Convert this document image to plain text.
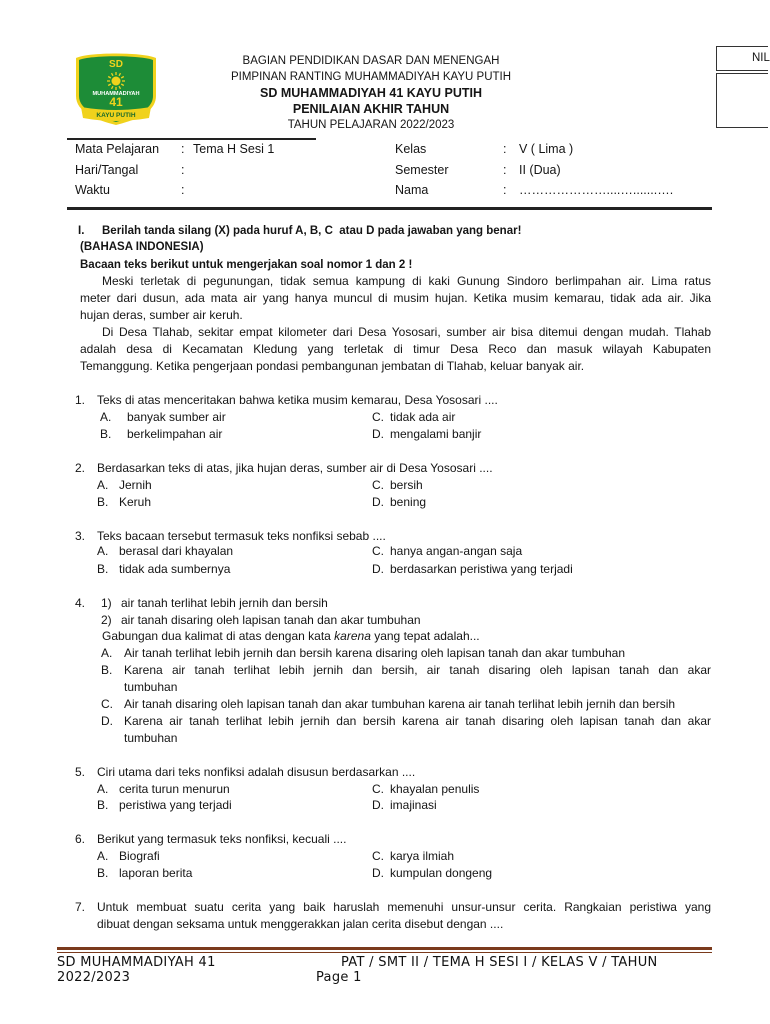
SD
MUHAMMADIYAH
41
KAYU PUTIH
BAGIAN PENDIDIKAN DASAR DAN MENENGAH
PIMPINAN RANTING MUHAMMADIYAH KAYU PUTIH
SD MUHAMMADIYAH 41 KAYU PUTIH
PENILAIAN AKHIR TAHUN
TAHUN PELAJARAN 2022/2023
NIL
Mata Pelajaran : Tema H Sesi 1	Kelas	: V ( Lima )
Hari/Tangal	:	Semester	: II (Dua)
Waktu	:	Nama	: …………………....….......….
I. Berilah tanda silang (X) pada huruf A, B, C  atau D pada jawaban yang benar!
(BAHASA INDONESIA)
Bacaan teks berikut untuk mengerjakan soal nomor 1 dan 2 !
Meski terletak di pegunungan, tidak semua kampung di kaki Gunung Sindoro berlimpahan air. Lima ratus
meter dari dusun, ada mata air yang hanya muncul di musim hujan. Ketika musim kemarau, tidak ada air. Jika
hujan deras, sumber air keruh.
Di Desa Tlahab, sekitar empat kilometer dari Desa Yososari, sumber air bisa ditemui dengan mudah. Tlahab
adalah desa di Kecamatan Kledung yang terletak di timur Desa Reco dan masuk wilayah Kabupaten
Temanggung. Ketika pengerjaan pondasi pembangunan jembatan di Tlahab, keluar banyak air.
1. Teks di atas menceritakan bahwa ketika musim kemarau, Desa Yososari ....
A. banyak sumber air	C. tidak ada air
B. berkelimpahan air	D. mengalami banjir
2. Berdasarkan teks di atas, jika hujan deras, sumber air di Desa Yososari ....
A. Jernih	C. bersih
B. Keruh	D. bening
3. Teks bacaan tersebut termasuk teks nonfiksi sebab ....
A. berasal dari khayalan	C. hanya angan-angan saja
B. tidak ada sumbernya	D. berdasarkan peristiwa yang terjadi
4. 1) air tanah terlihat lebih jernih dan bersih
2) air tanah disaring oleh lapisan tanah dan akar tumbuhan
Gabungan dua kalimat di atas dengan kata karena yang tepat adalah...
A. Air tanah terlihat lebih jernih dan bersih karena disaring oleh lapisan tanah dan akar tumbuhan
B. Karena air tanah terlihat lebih jernih dan bersih, air tanah disaring oleh lapisan tanah dan akar
tumbuhan
C. Air tanah disaring oleh lapisan tanah dan akar tumbuhan karena air tanah terlihat lebih jernih dan bersih
D. Karena air tanah terlihat lebih jernih dan bersih karena air tanah disaring oleh lapisan tanah dan akar
tumbuhan
5. Ciri utama dari teks nonfiksi adalah disusun berdasarkan ....
A. cerita turun menurun	C. khayalan penulis
B. peristiwa yang terjadi	D. imajinasi
6. Berikut yang termasuk teks nonfiksi, kecuali ....
A. Biografi	C. karya ilmiah
B. laporan berita	D. kumpulan dongeng
7. Untuk membuat suatu cerita yang baik haruslah memenuhi unsur-unsur cerita. Rangkaian peristiwa yang
dibuat dengan seksama untuk menggerakkan jalan cerita disebut dengan ....
SD MUHAMMADIYAH 41	PAT / SMT II / TEMA H SESI I / KELAS V / TAHUN
2022/2023	Page 1
